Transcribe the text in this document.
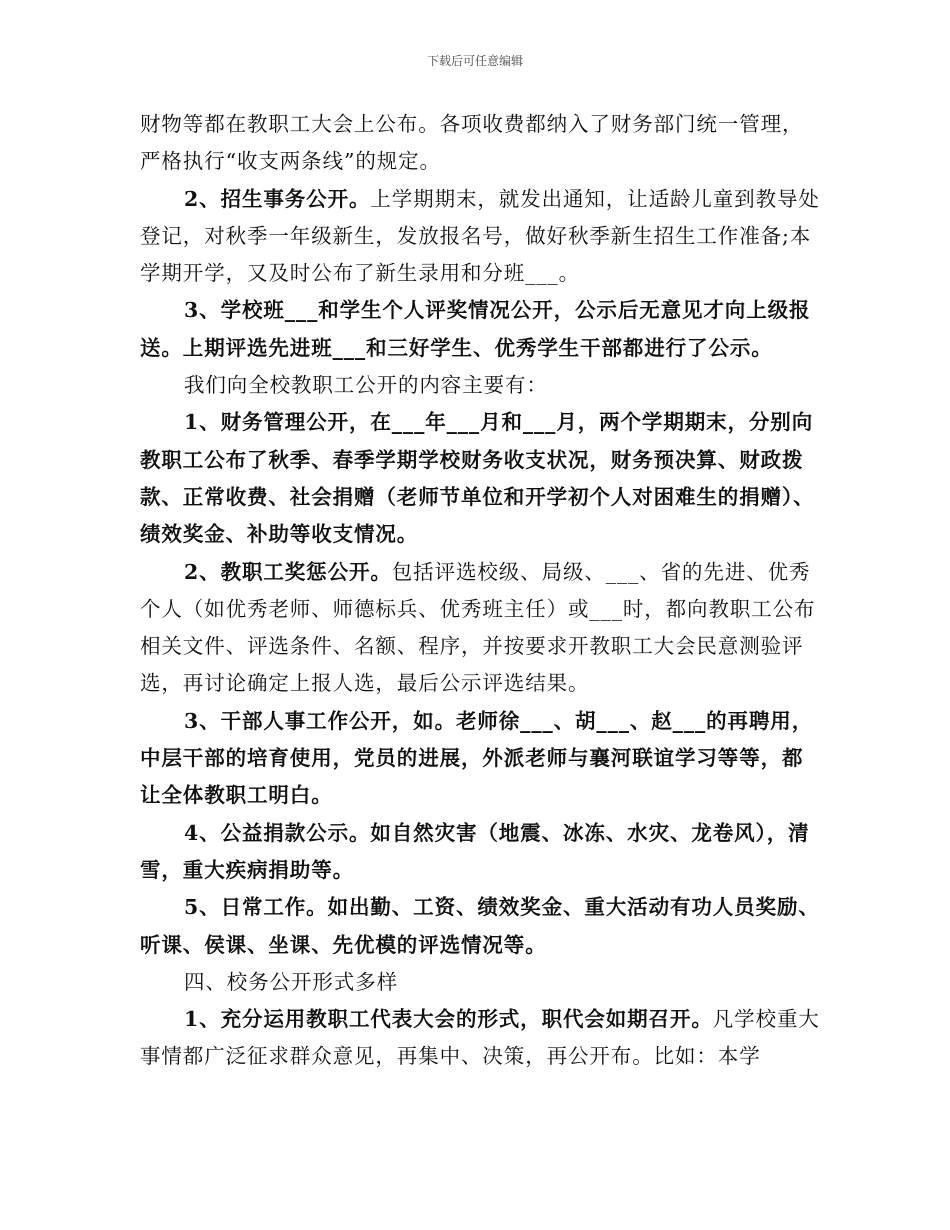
下载后可任意编辑

财物等都在教职工大会上公布。各项收费都纳入了财务部门统一管理，严格执行“收支两条线”的规定。

2、招生事务公开。上学期期末，就发出通知，让适龄儿童到教导处登记，对秋季一年级新生，发放报名号，做好秋季新生招生工作准备;本学期开学，又及时公布了新生录用和分班___。

3、学校班___和学生个人评奖情况公开，公示后无意见才向上级报送。上期评选先进班___和三好学生、优秀学生干部都进行了公示。

我们向全校教职工公开的内容主要有：

1、财务管理公开，在___年___月和___月，两个学期期末，分别向教职工公布了秋季、春季学期学校财务收支状况，财务预决算、财政拨款、正常收费、社会捐赠（老师节单位和开学初个人对困难生的捐赠）、绩效奖金、补助等收支情况。

2、教职工奖惩公开。包括评选校级、局级、___、省的先进、优秀个人（如优秀老师、师德标兵、优秀班主任）或___时，都向教职工公布相关文件、评选条件、名额、程序，并按要求开教职工大会民意测验评选，再讨论确定上报人选，最后公示评选结果。

3、干部人事工作公开，如。老师徐___、胡___、赵___的再聘用，中层干部的培育使用，党员的进展，外派老师与襄河联谊学习等等，都让全体教职工明白。

4、公益捐款公示。如自然灾害（地震、冰冻、水灾、龙卷风），清雪，重大疾病捐助等。

5、日常工作。如出勤、工资、绩效奖金、重大活动有功人员奖励、听课、侯课、坐课、先优模的评选情况等。

四、校务公开形式多样

1、充分运用教职工代表大会的形式，职代会如期召开。凡学校重大事情都广泛征求群众意见，再集中、决策，再公开布。比如：本学
